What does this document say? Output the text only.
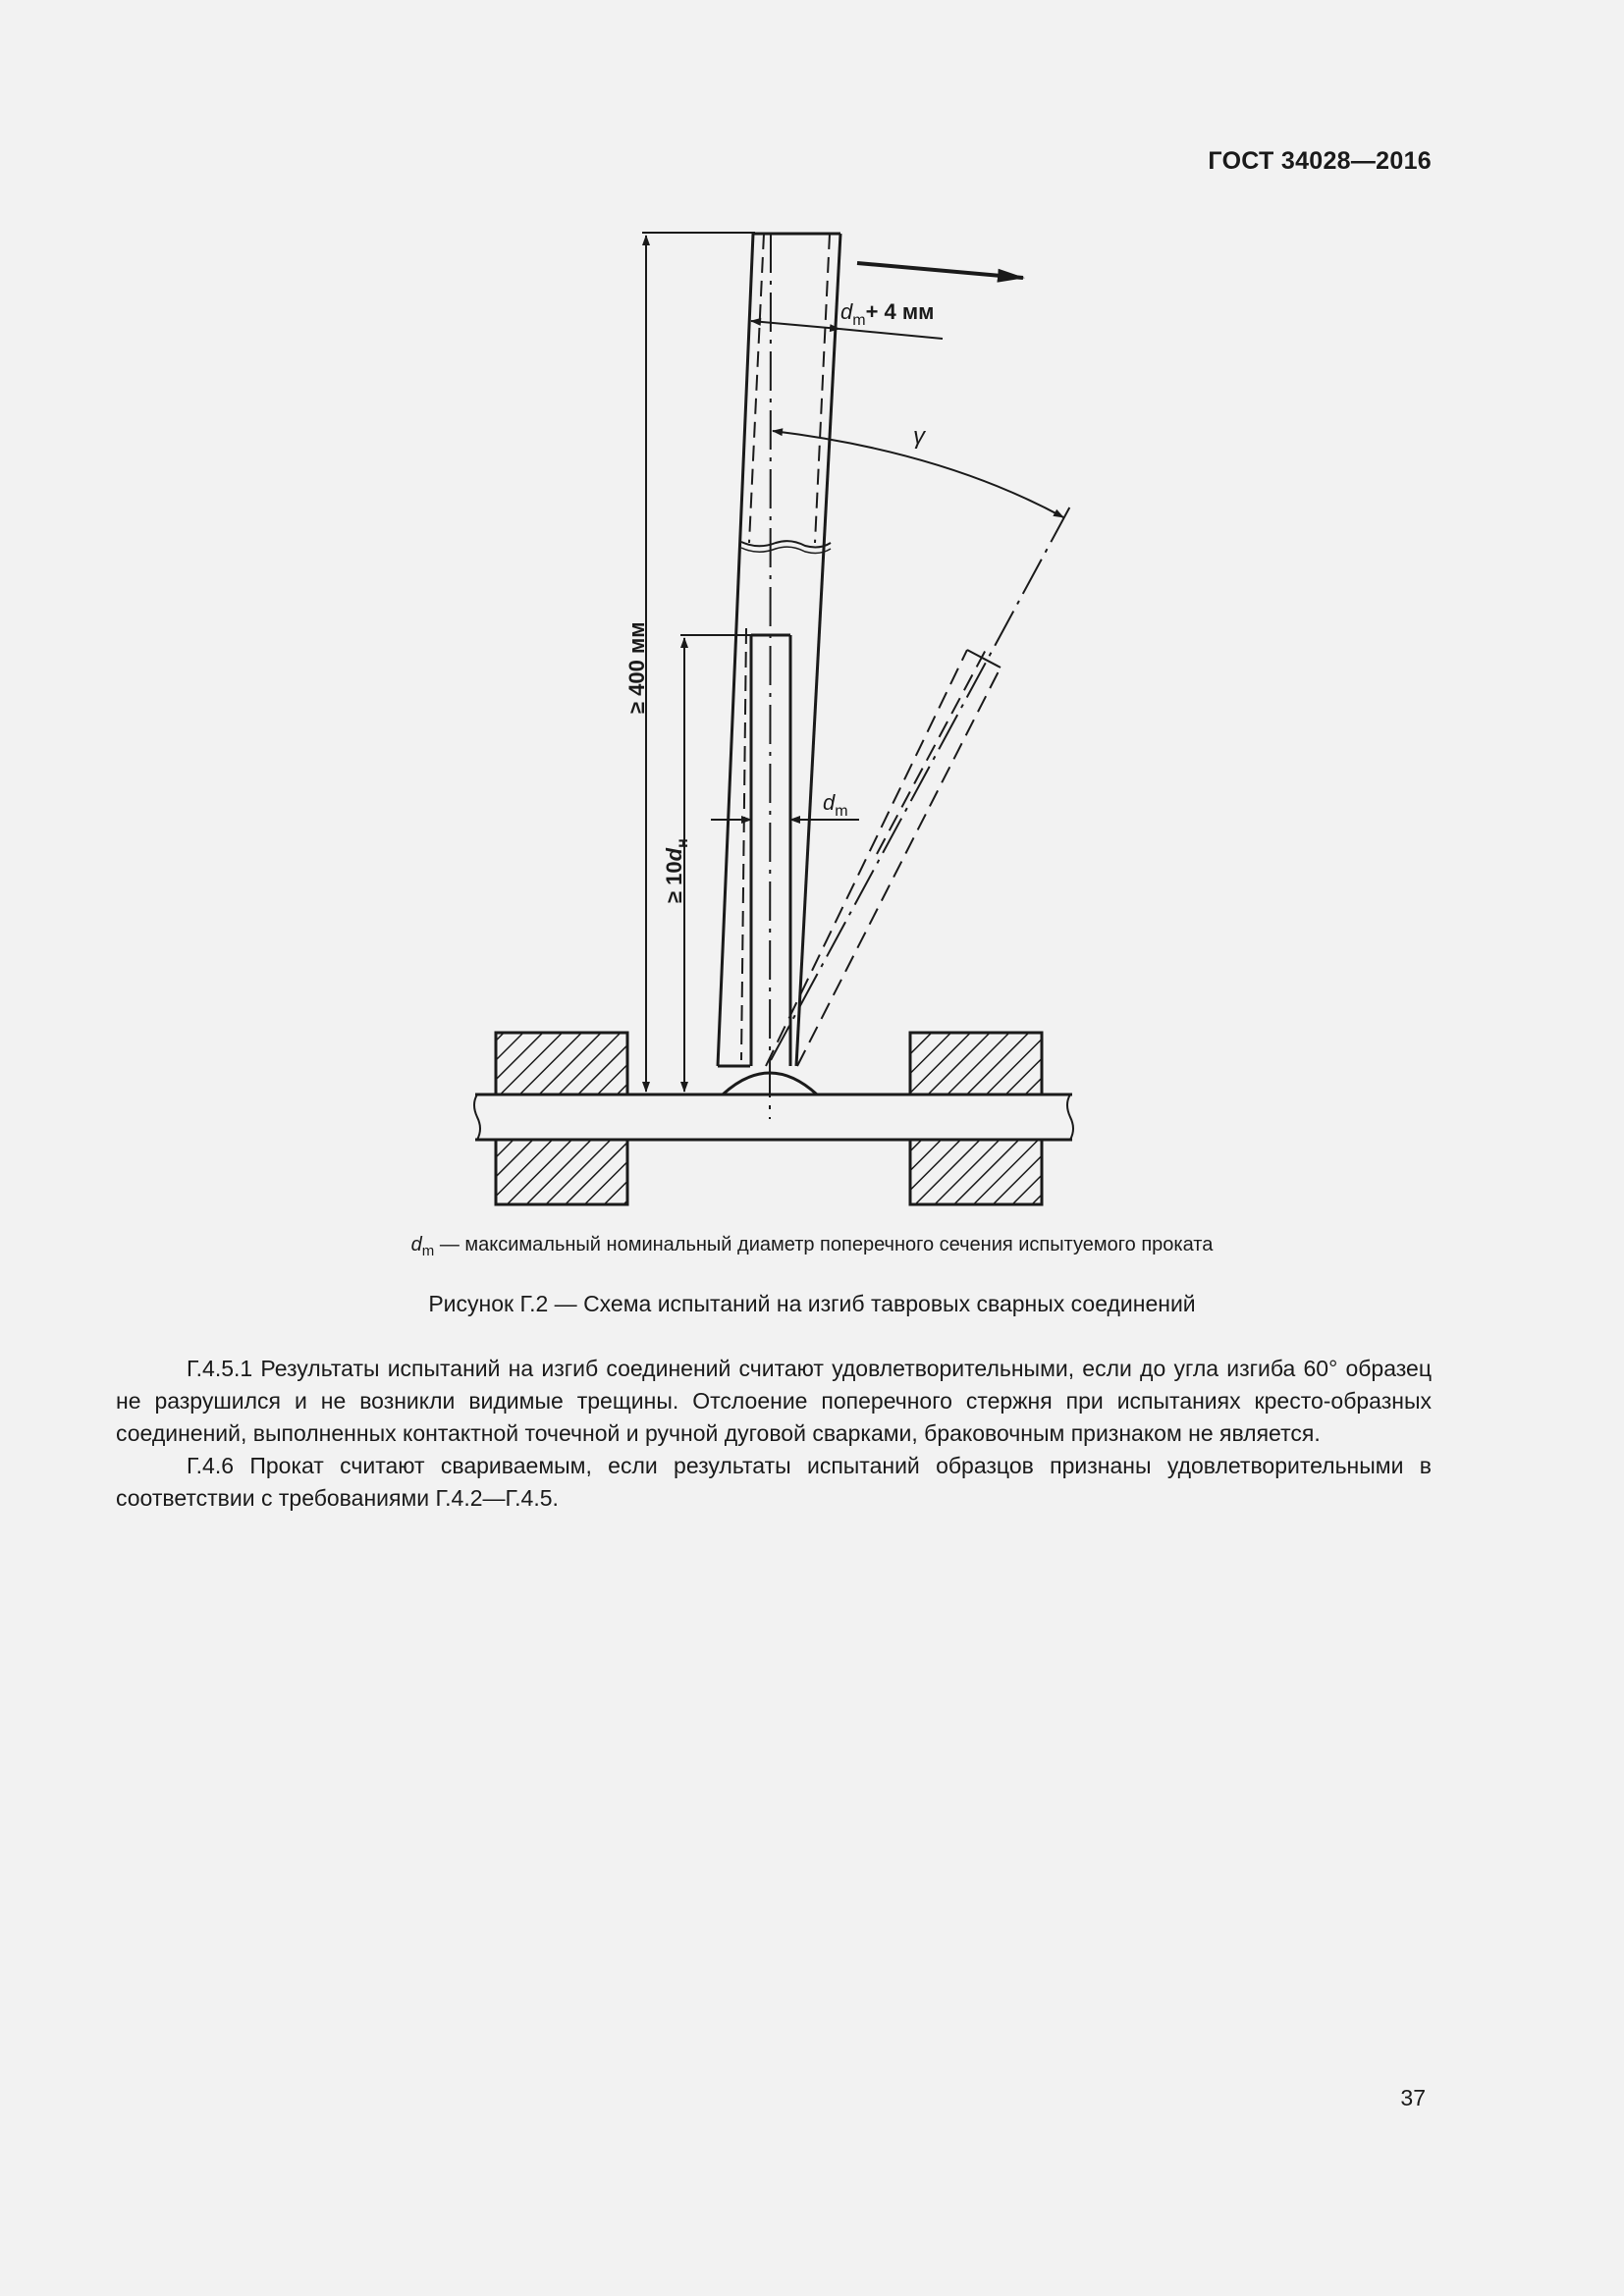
ГОСТ 34028—2016
$d_m+ 4$ мм
γ
≥ 400 мм
≥ $10d_н$
$d_m$
$d_m$ — максимальный номинальный диаметр поперечного сечения испытуемого проката
Рисунок Г.2 — Схема испытаний на изгиб тавровых сварных соединений

Г.4.5.1 Результаты испытаний на изгиб соединений считают удовлетворительными, если до угла изгиба 60° образец не разрушился и не возникли видимые трещины. Отслоение поперечного стержня при испытаниях кресто-образных соединений, выполненных контактной точечной и ручной дуговой сварками, браковочным признаком не является.

Г.4.6 Прокат считают свариваемым, если результаты испытаний образцов признаны удовлетворительными в соответствии с требованиями Г.4.2—Г.4.5.

37
